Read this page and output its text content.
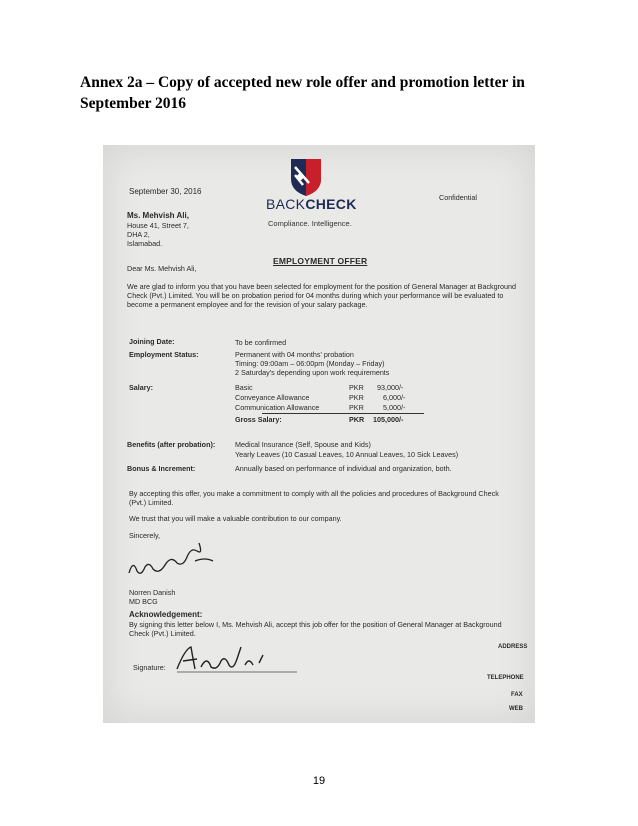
Annex 2a – Copy of accepted new role offer and promotion letter in September 2016
September 30, 2016
Confidential
BACKCHECK
Compliance. Intelligence.
Ms. Mehvish Ali,
House 41, Street 7,
DHA 2,
Islamabad.
EMPLOYMENT OFFER
Dear Ms. Mehvish Ali,
We are glad to inform you that you have been selected for employment for the position of General Manager at Background Check (Pvt.) Limited. You will be on probation period for 04 months during which your performance will be evaluated to become a permanent employee and for the revision of your salary package.
Joining Date:	To be confirmed
Employment Status:	Permanent with 04 months' probation
Timing: 09:00am – 06:00pm (Monday – Friday)
2 Saturday's depending upon work requirements
Salary:	Basic	PKR 93,000/-
Conveyance Allowance	PKR	6,000/-
Communication Allowance	PKR	5,000/-
Gross Salary:	PKR 105,000/-
Benefits (after probation):	Medical Insurance (Self, Spouse and Kids)
Yearly Leaves (10 Casual Leaves, 10 Annual Leaves, 10 Sick Leaves)
Bonus & Increment:	Annually based on performance of individual and organization, both.
By accepting this offer, you make a commitment to comply with all the policies and procedures of Background Check (Pvt.) Limited.
We trust that you will make a valuable contribution to our company.
Sincerely,
Norren Danish
MD BCG
Acknowledgement:
By signing this letter below I, Ms. Mehvish Ali, accept this job offer for the position of General Manager at Background Check (Pvt.) Limited.
Signature:
ADDRESS
TELEPHONE
FAX
WEB
19
